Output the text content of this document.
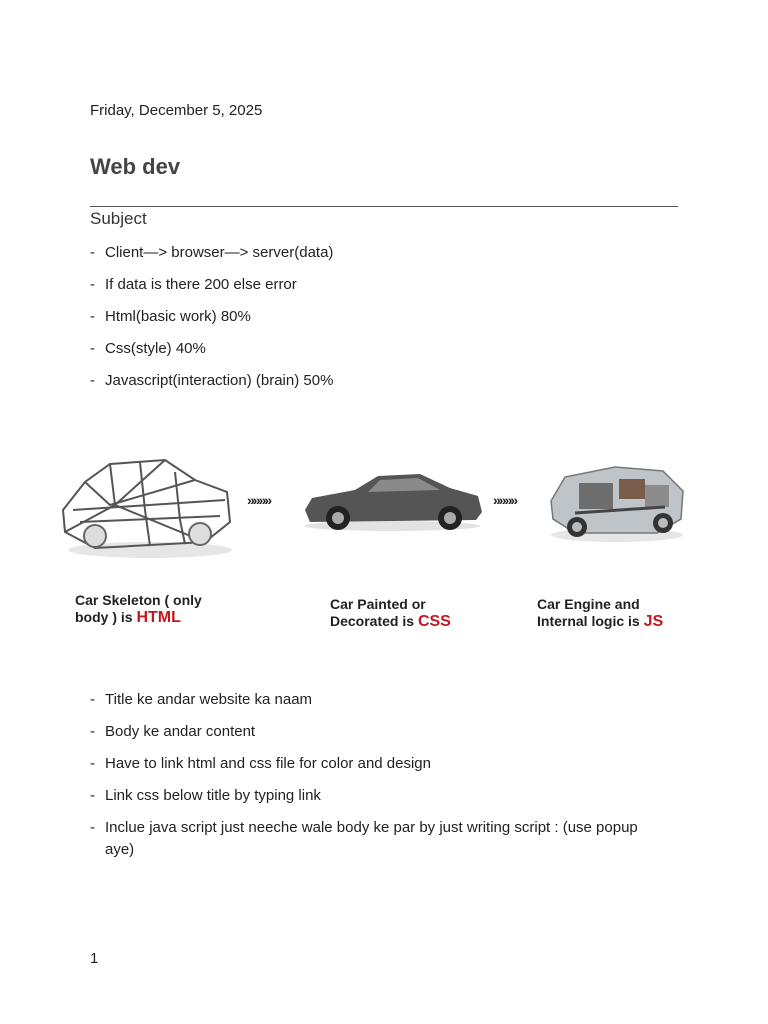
Friday, December 5, 2025
Web dev
Subject
- Client—> browser—> server(data)
- If data is there 200 else error
- Html(basic work) 80%
- Css(style) 40%
- Javascript(interaction) (brain) 50%
»»»»	»»»»
Car Skeleton ( only
body ) is HTML
Car Painted or
Decorated is CSS
Car Engine and
Internal logic is JS
- Title ke andar website ka naam
- Body ke andar content
- Have to link html and css file for color and design
- Link css below title by typing link
- Inclue java script just neeche wale body ke par by just writing script : (use popup aye)
1
